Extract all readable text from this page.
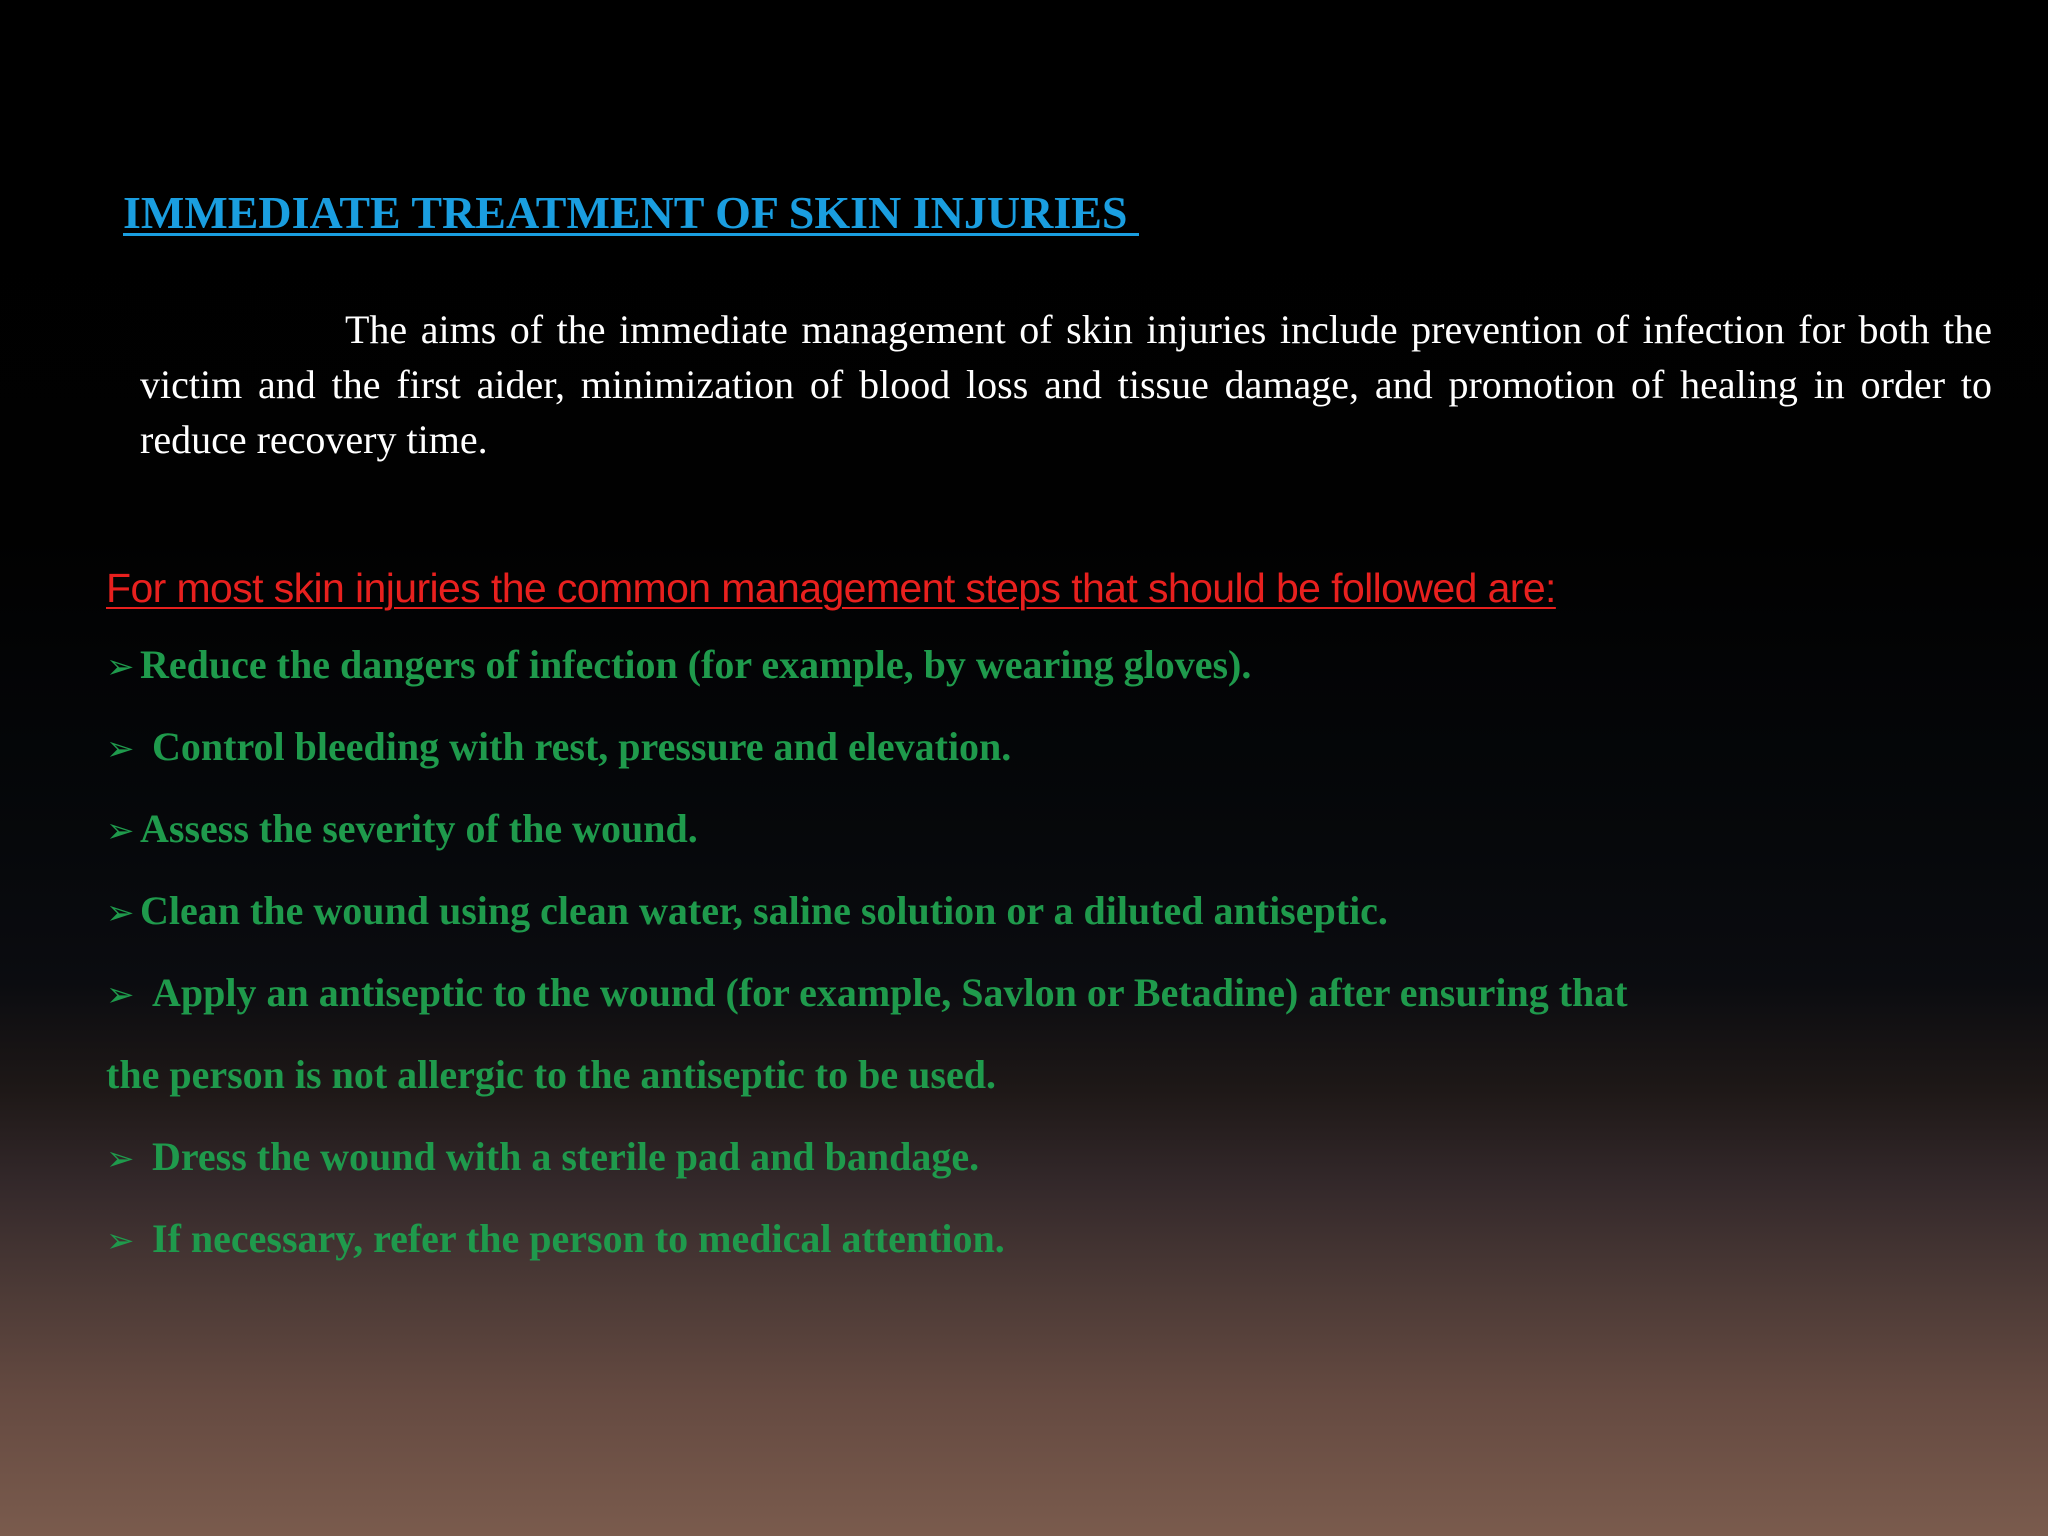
IMMEDIATE TREATMENT OF SKIN INJURIES

The aims of the immediate management of skin injuries include prevention of infection for both the victim and the first aider, minimization of blood loss and tissue damage, and promotion of healing in order to reduce recovery time.

For most skin injuries the common management steps that should be followed are:

➢ Reduce the dangers of infection (for example, by wearing gloves).
➢ Control bleeding with rest, pressure and elevation.
➢ Assess the severity of the wound.
➢ Clean the wound using clean water, saline solution or a diluted antiseptic.
➢ Apply an antiseptic to the wound (for example, Savlon or Betadine) after ensuring that
the person is not allergic to the antiseptic to be used.
➢ Dress the wound with a sterile pad and bandage.
➢ If necessary, refer the person to medical attention.
